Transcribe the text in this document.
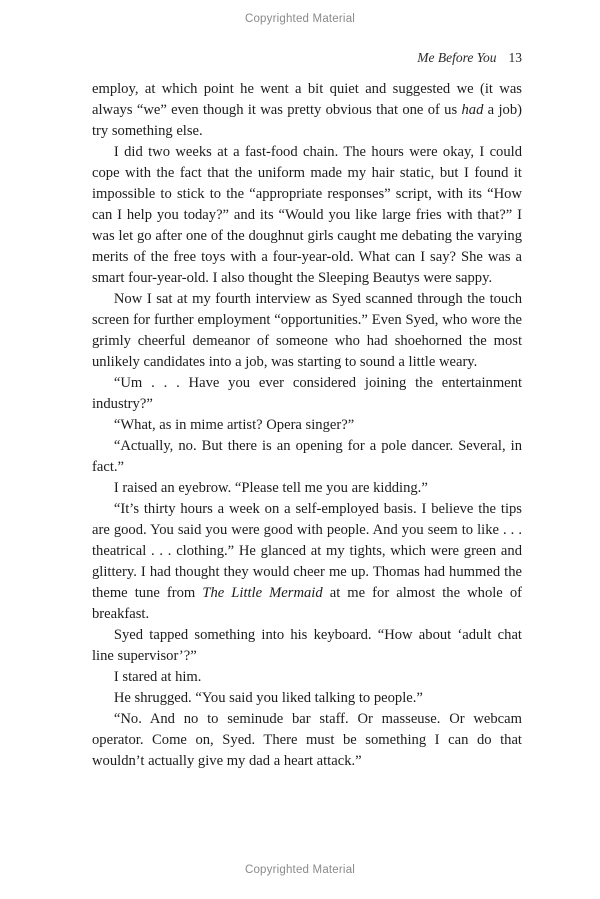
Copyrighted Material
Me Before You 13

employ, at which point he went a bit quiet and suggested we (it was always “we” even though it was pretty obvious that one of us had a job) try something else.

I did two weeks at a fast-food chain. The hours were okay, I could cope with the fact that the uniform made my hair static, but I found it impossible to stick to the “appropriate responses” script, with its “How can I help you today?” and its “Would you like large fries with that?” I was let go after one of the doughnut girls caught me debating the varying merits of the free toys with a four-year-old. What can I say? She was a smart four-year-old. I also thought the Sleeping Beautys were sappy.

Now I sat at my fourth interview as Syed scanned through the touch screen for further employment “opportunities.” Even Syed, who wore the grimly cheerful demeanor of someone who had shoehorned the most unlikely candidates into a job, was starting to sound a little weary.

“Um . . . Have you ever considered joining the entertainment industry?”

“What, as in mime artist? Opera singer?”

“Actually, no. But there is an opening for a pole dancer. Several, in fact.”

I raised an eyebrow. “Please tell me you are kidding.”

“It’s thirty hours a week on a self-employed basis. I believe the tips are good. You said you were good with people. And you seem to like . . . theatrical . . . clothing.” He glanced at my tights, which were green and glittery. I had thought they would cheer me up. Thomas had hummed the theme tune from The Little Mermaid at me for almost the whole of breakfast.

Syed tapped something into his keyboard. “How about ‘adult chat line supervisor’?”

I stared at him.

He shrugged. “You said you liked talking to people.”

“No. And no to seminude bar staff. Or masseuse. Or webcam operator. Come on, Syed. There must be something I can do that wouldn’t actually give my dad a heart attack.”

Copyrighted Material
